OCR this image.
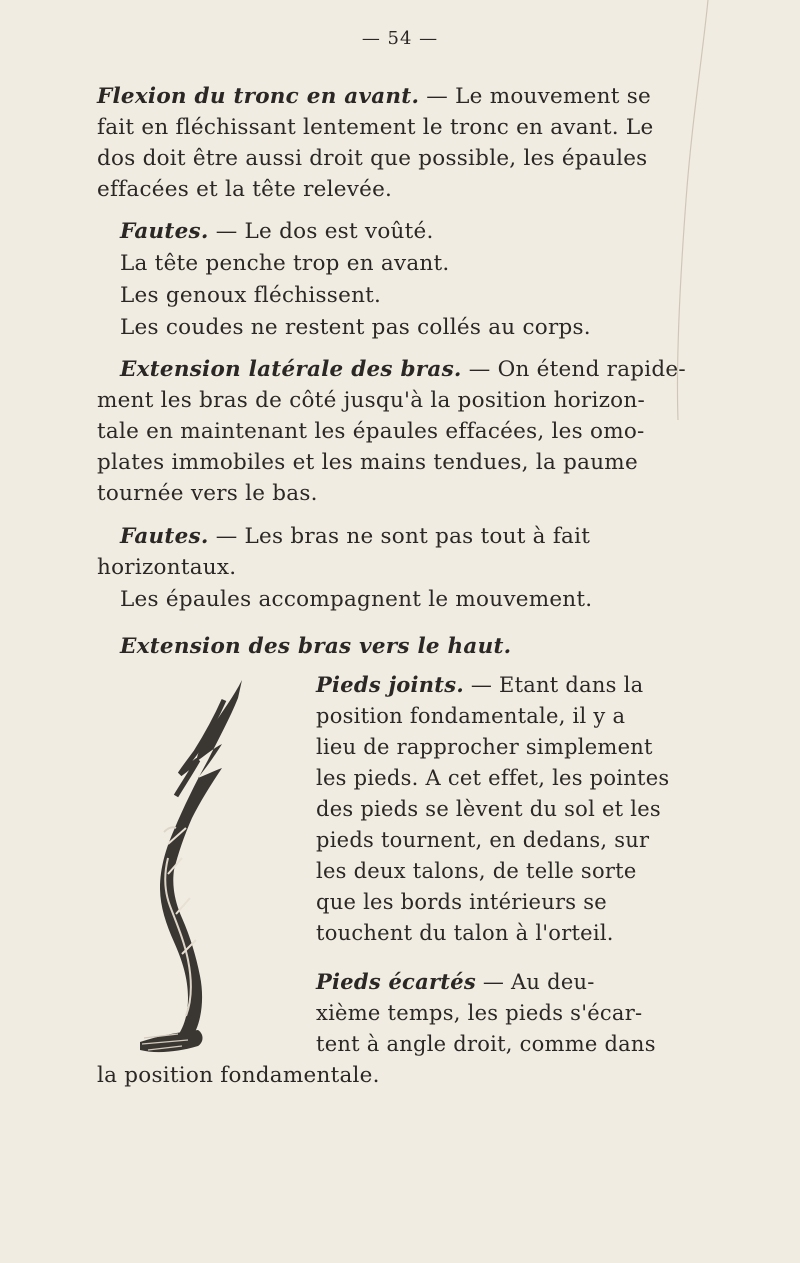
— 54 —
Flexion du tronc en avant. — Le mouvement se
fait en fléchissant lentement le tronc en avant. Le
dos doit être aussi droit que possible, les épaules
effacées et la tête relevée.
Fautes. — Le dos est voûté.
La tête penche trop en avant.
Les genoux fléchissent.
Les coudes ne restent pas collés au corps.
Extension latérale des bras. — On étend rapide-
ment les bras de côté jusqu'à la position horizon-
tale en maintenant les épaules effacées, les omo-
plates immobiles et les mains tendues, la paume
tournée vers le bas.
Fautes. — Les bras ne sont pas tout à fait
horizontaux.
Les épaules accompagnent le mouvement.
Extension des bras vers le haut.
Pieds joints. — Etant dans la
position fondamentale, il y a
lieu de rapprocher simplement
les pieds. A cet effet, les pointes
des pieds se lèvent du sol et les
pieds tournent, en dedans, sur
les deux talons, de telle sorte
que les bords intérieurs se
touchent du talon à l'orteil.
Pieds écartés — Au deu-
xième temps, les pieds s'écar-
tent à angle droit, comme dans
la position fondamentale.
